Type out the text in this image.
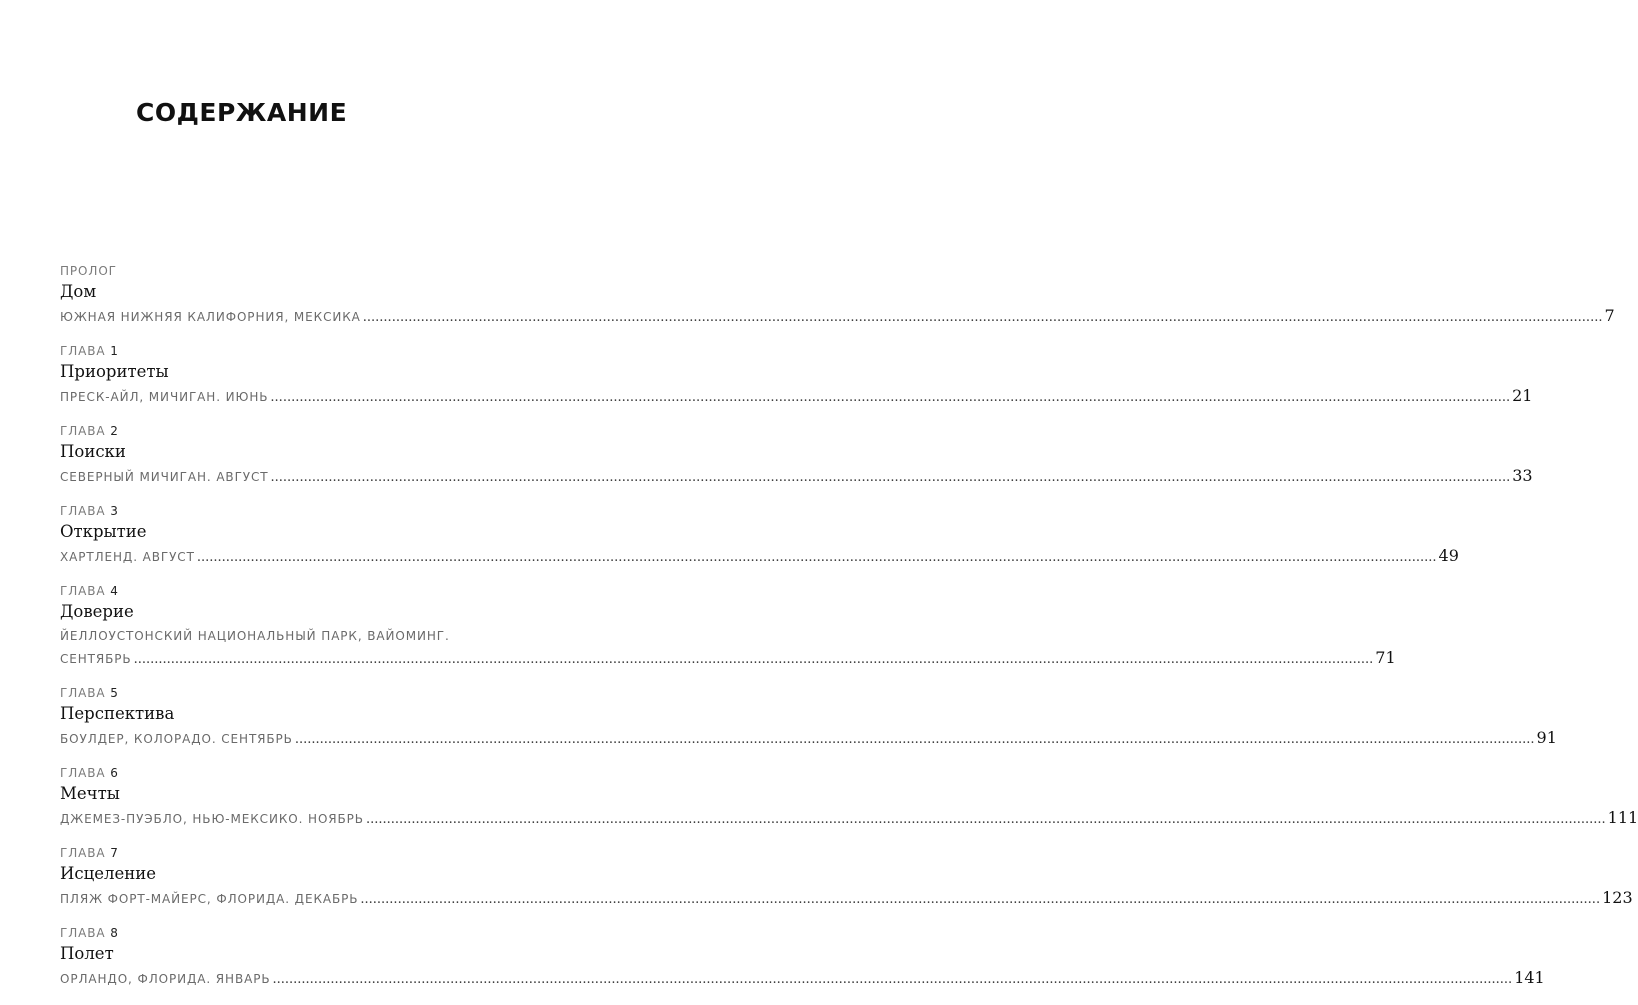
СОДЕРЖАНИЕ
ПРОЛОГ
Дом
ЮЖНАЯ НИЖНЯЯ КАЛИФОРНИЯ, МЕКСИКА ............................................................................................................................................................................................................................................................................................................ 7
ГЛАВА 1
Приоритеты
ПРЕСК-АЙЛ, МИЧИГАН. ИЮНЬ ............................................................................................................................................................................................................................................................................................................ 21
ГЛАВА 2
Поиски
СЕВЕРНЫЙ МИЧИГАН. АВГУСТ ............................................................................................................................................................................................................................................................................................................ 33
ГЛАВА 3
Открытие
ХАРТЛЕНД. АВГУСТ ............................................................................................................................................................................................................................................................................................................ 49
ГЛАВА 4
Доверие
ЙЕЛЛОУСТОНСКИЙ НАЦИОНАЛЬНЫЙ ПАРК, ВАЙОМИНГ.
СЕНТЯБРЬ ............................................................................................................................................................................................................................................................................................................ 71
ГЛАВА 5
Перспектива
БОУЛДЕР, КОЛОРАДО. СЕНТЯБРЬ ............................................................................................................................................................................................................................................................................................................ 91
ГЛАВА 6
Мечты
ДЖЕМЕЗ-ПУЭБЛО, НЬЮ-МЕКСИКО. НОЯБРЬ ............................................................................................................................................................................................................................................................................................................ 111
ГЛАВА 7
Исцеление
ПЛЯЖ ФОРТ-МАЙЕРС, ФЛОРИДА. ДЕКАБРЬ ............................................................................................................................................................................................................................................................................................................ 123
ГЛАВА 8
Полет
ОРЛАНДО, ФЛОРИДА. ЯНВАРЬ ............................................................................................................................................................................................................................................................................................................ 141
